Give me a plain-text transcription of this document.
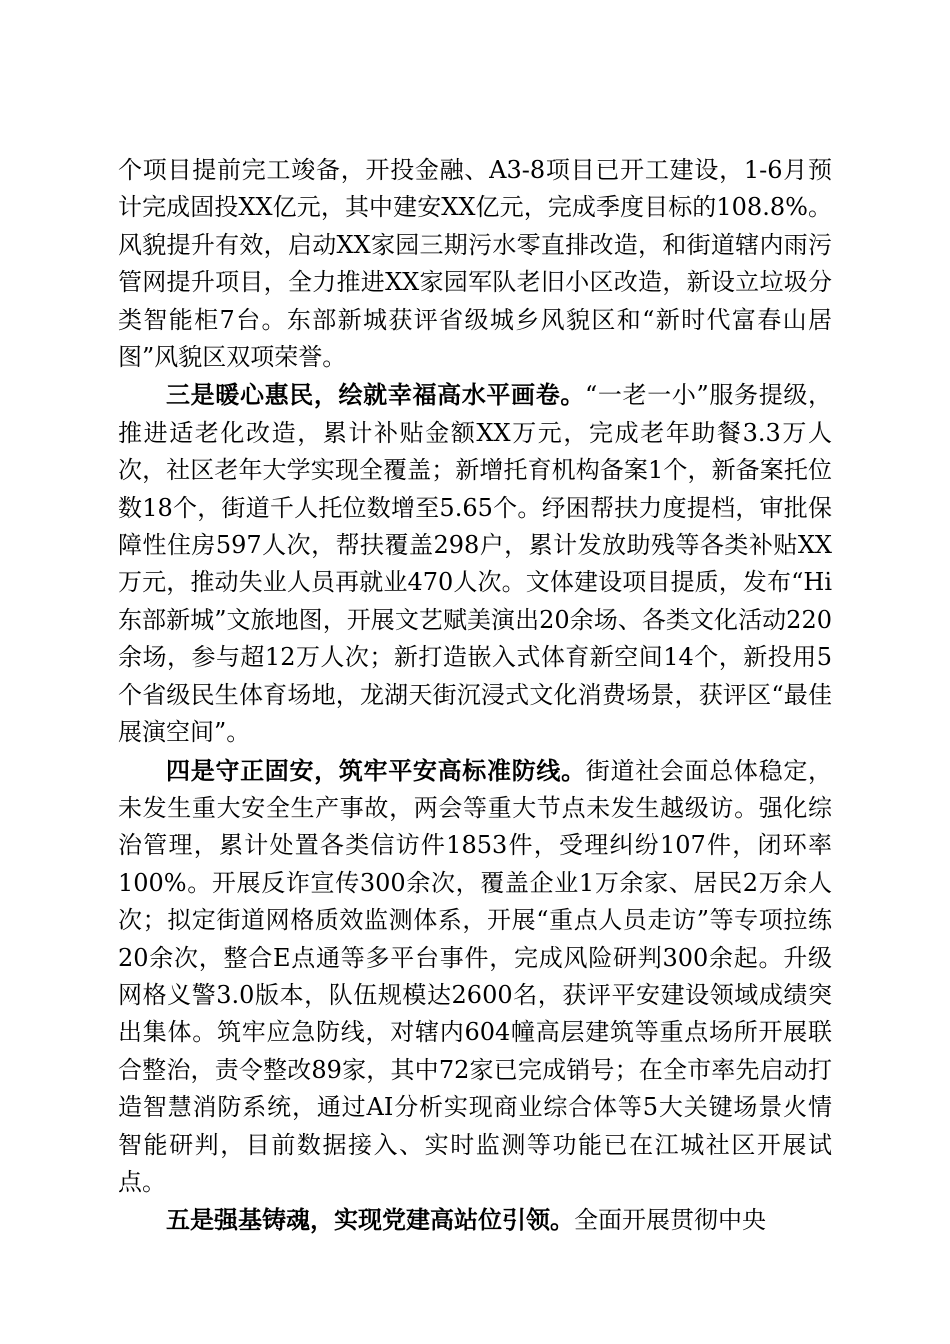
个项目提前完工竣备，开投金融、A3-8项目已开工建设，1-6月预计完成固投XX亿元，其中建安XX亿元，完成季度目标的108.8%。风貌提升有效，启动XX家园三期污水零直排改造，和街道辖内雨污管网提升项目，全力推进XX家园军队老旧小区改造，新设立垃圾分类智能柜7台。东部新城获评省级城乡风貌区和“新时代富春山居图”风貌区双项荣誉。

三是暖心惠民，绘就幸福高水平画卷。“一老一小”服务提级，推进适老化改造，累计补贴金额XX万元，完成老年助餐3.3万人次，社区老年大学实现全覆盖；新增托育机构备案1个，新备案托位数18个，街道千人托位数增至5.65个。纾困帮扶力度提档，审批保障性住房597人次，帮扶覆盖298户，累计发放助残等各类补贴XX万元，推动失业人员再就业470人次。文体建设项目提质，发布“Hi东部新城”文旅地图，开展文艺赋美演出20余场、各类文化活动220余场，参与超12万人次；新打造嵌入式体育新空间14个，新投用5个省级民生体育场地，龙湖天街沉浸式文化消费场景，获评区“最佳展演空间”。

四是守正固安，筑牢平安高标准防线。街道社会面总体稳定，未发生重大安全生产事故，两会等重大节点未发生越级访。强化综治管理，累计处置各类信访件1853件，受理纠纷107件，闭环率100%。开展反诈宣传300余次，覆盖企业1万余家、居民2万余人次；拟定街道网格质效监测体系，开展“重点人员走访”等专项拉练20余次，整合E点通等多平台事件，完成风险研判300余起。升级网格义警3.0版本，队伍规模达2600名，获评平安建设领域成绩突出集体。筑牢应急防线，对辖内604幢高层建筑等重点场所开展联合整治，责令整改89家，其中72家已完成销号；在全市率先启动打造智慧消防系统，通过AI分析实现商业综合体等5大关键场景火情智能研判，目前数据接入、实时监测等功能已在江城社区开展试点。

五是强基铸魂，实现党建高站位引领。全面开展贯彻中央
